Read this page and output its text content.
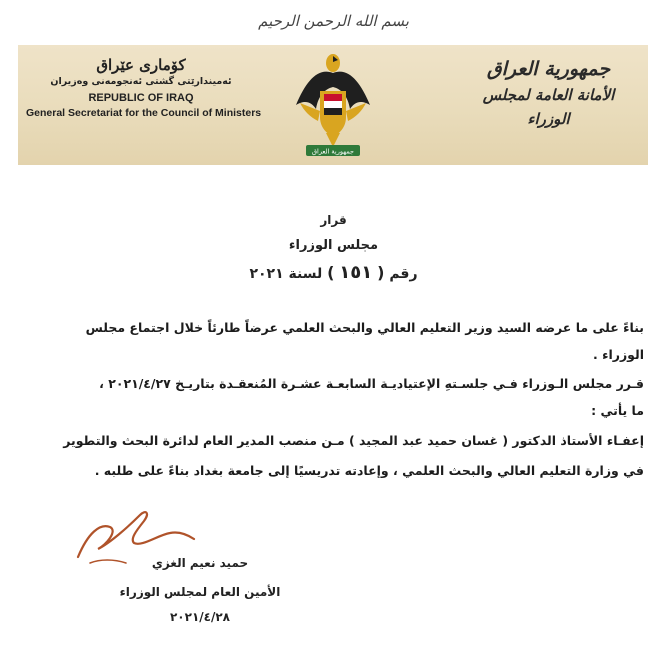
بسم الله الرحمن الرحيم
كۆماری عێراق
ئه‌ميندارێتی گشتی ئه‌نجومه‌نی وه‌زیران
REPUBLIC OF IRAQ
General Secretariat for the Council of Ministers
جمهورية العراق
جمهورية العراق
الأمانة العامة لمجلس الوزراء
قرار
مجلس الوزراء
رقم ( ١٥١ ) لسنة ٢٠٢١
بناءً على ما عرضه السيد وزير التعليم العالي والبحث العلمي عرضاً طارئاً خلال اجتماع مجلس
الوزراء .
قـرر مجلس الـوزراء فـي جلسـتهِ الإعتياديـة السابعـة عشـرة المُنعقـدة بتاريـخ ٢٠٢١/٤/٢٧ ،
ما يأتي :
إعفـاء الأستاذ الدكتور ( غسان حميد عبد المجيد ) مـن منصب المدير العام لدائرة البحث والتطوير
في وزارة التعليم العالي والبحث العلمي ، وإعادته تدريسيًا إلى جامعة بغداد بناءً على طلبه .
حميد نعيم الغزي
الأمين العام لمجلس الوزراء
٢٠٢١/٤/٢٨
